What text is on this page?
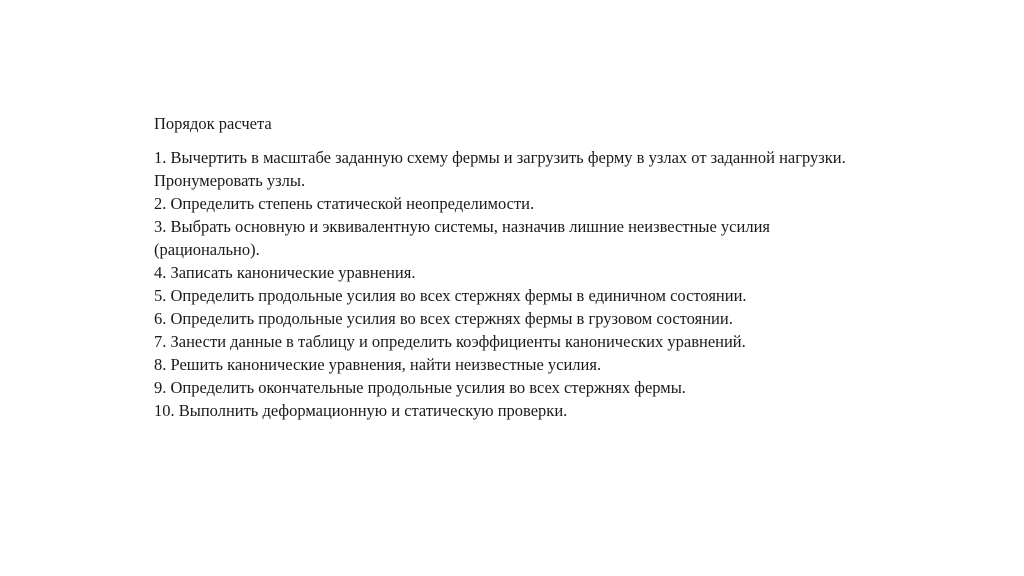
Порядок расчета

1. Вычертить в масштабе заданную схему фермы и загрузить ферму в узлах от заданной нагрузки. Пронумеровать узлы.
2. Определить степень статической неопределимости.
3. Выбрать основную и эквивалентную системы, назначив лишние неизвестные усилия (рационально).
4. Записать канонические уравнения.
5. Определить продольные усилия во всех стержнях фермы в единичном состоянии.
6. Определить продольные усилия во всех стержнях фермы в грузовом состоянии.
7. Занести данные в таблицу и определить коэффициенты канонических уравнений.
8. Решить канонические уравнения, найти неизвестные усилия.
9. Определить окончательные продольные усилия во всех стержнях фермы.
10. Выполнить деформационную и статическую проверки.
